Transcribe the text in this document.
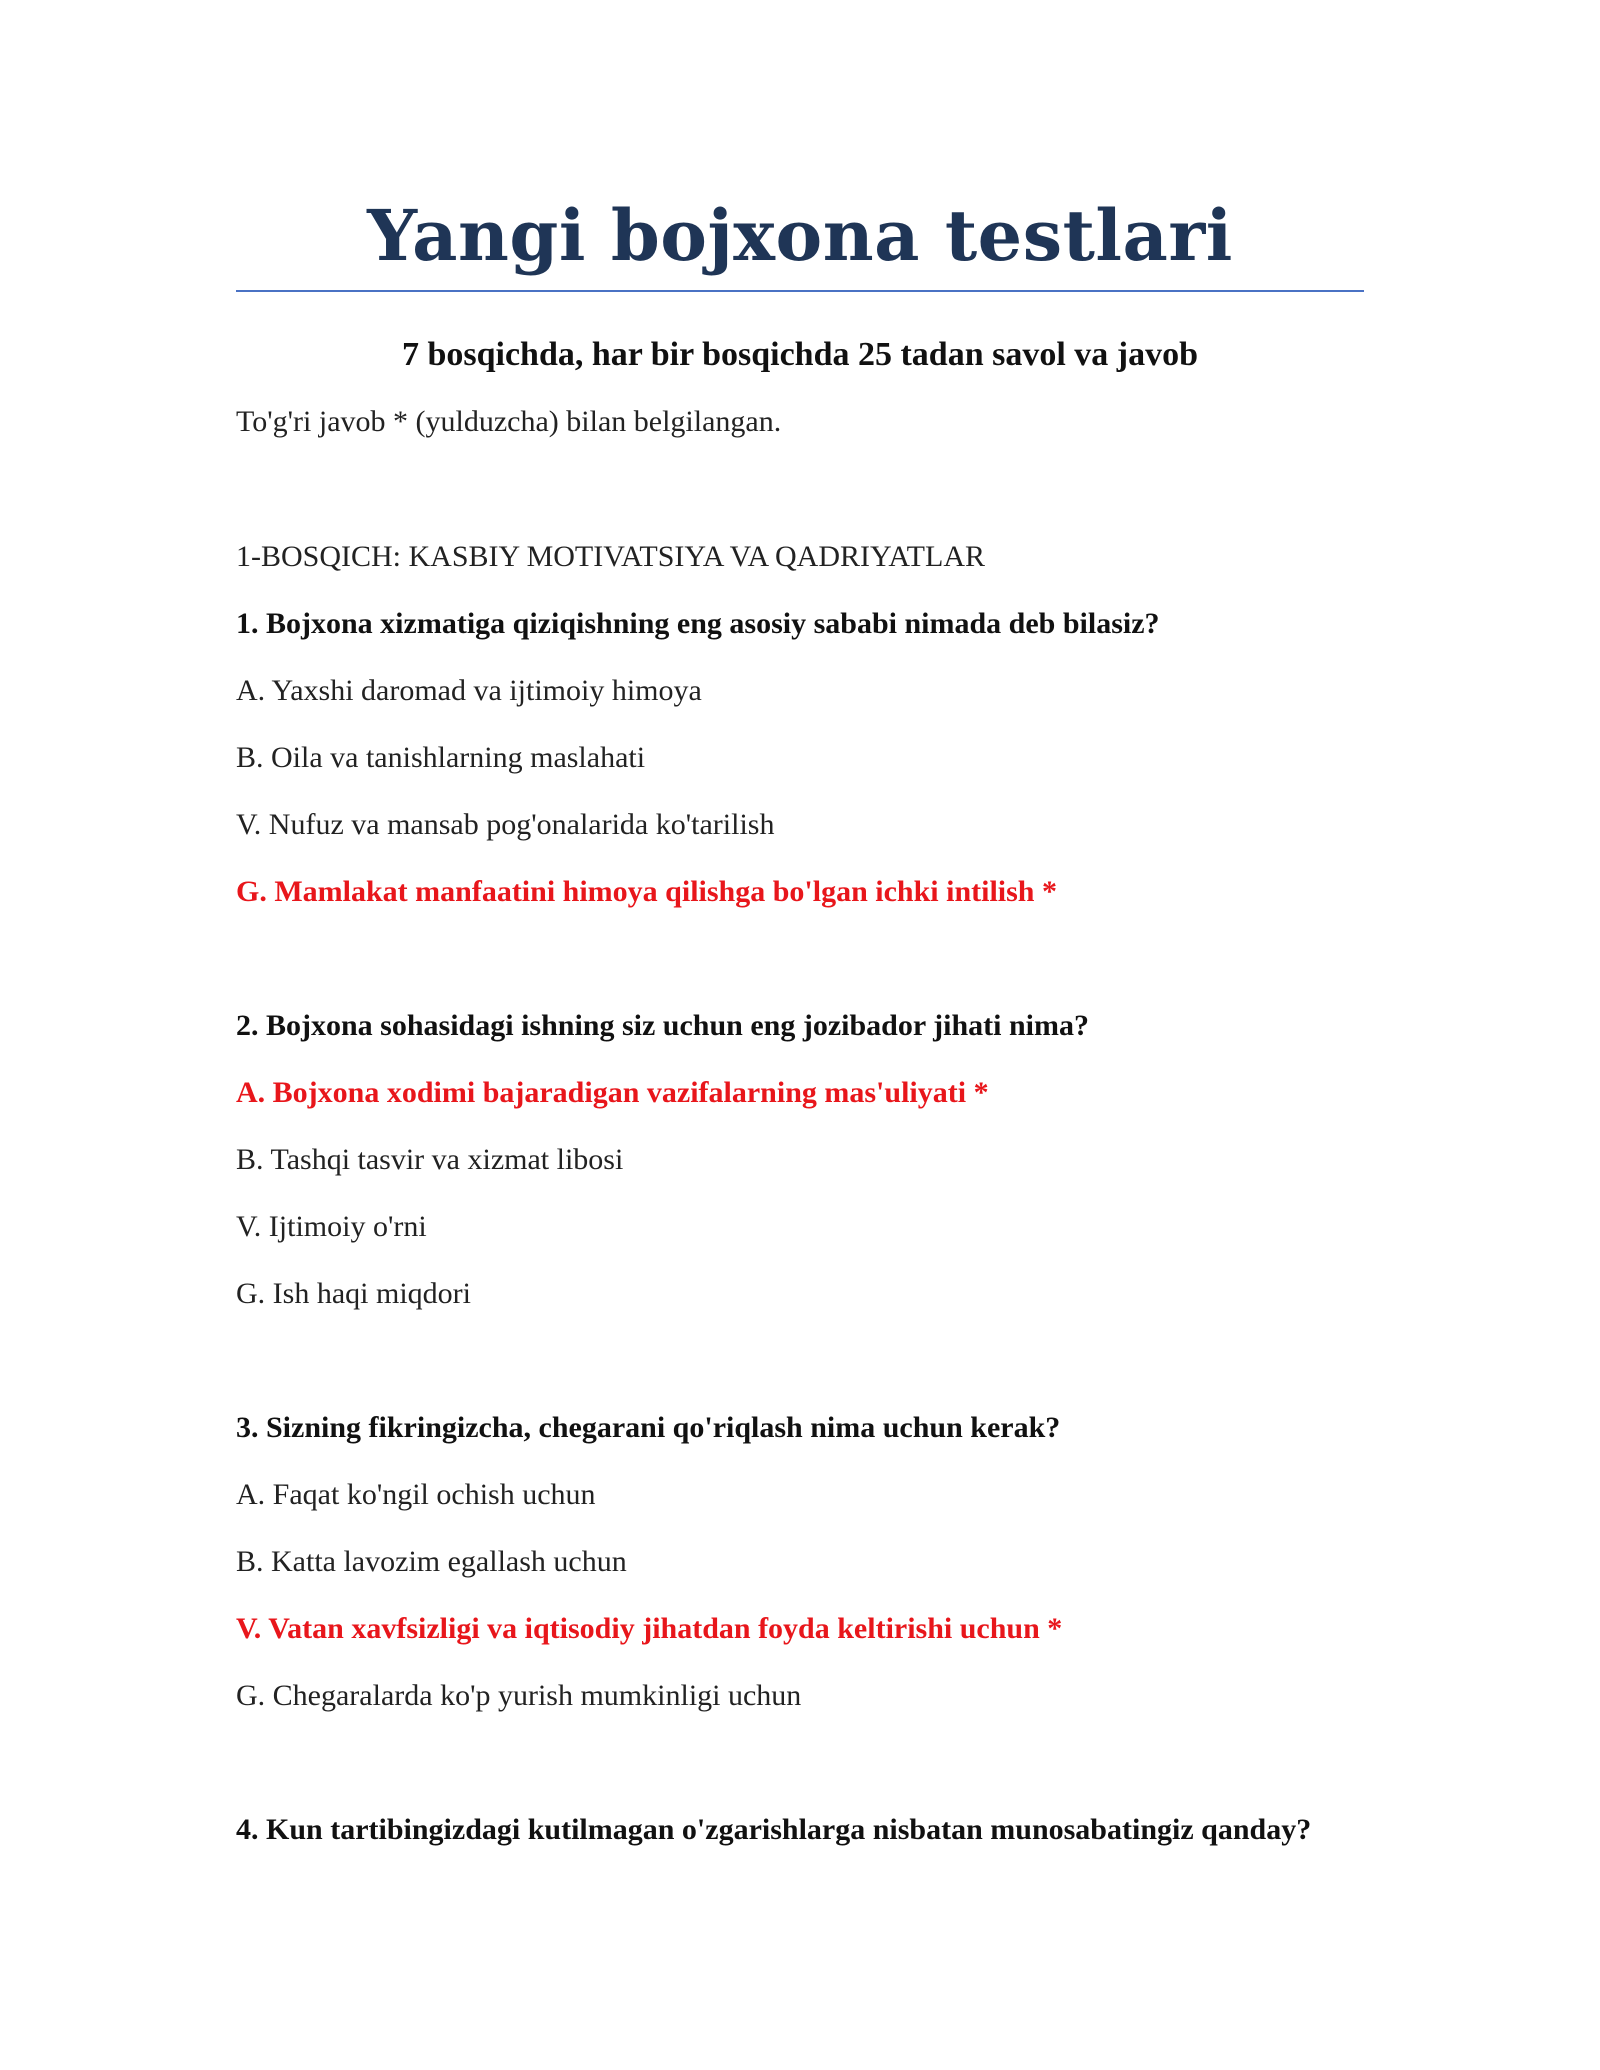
Yangi bojxona testlari
7 bosqichda, har bir bosqichda 25 tadan savol va javob
To'g'ri javob * (yulduzcha) bilan belgilangan.
1-BOSQICH: KASBIY MOTIVATSIYA VA QADRIYATLAR
1. Bojxona xizmatiga qiziqishning eng asosiy sababi nimada deb bilasiz?
A. Yaxshi daromad va ijtimoiy himoya
B. Oila va tanishlarning maslahati
V. Nufuz va mansab pog'onalarida ko'tarilish
G. Mamlakat manfaatini himoya qilishga bo'lgan ichki intilish *
2. Bojxona sohasidagi ishning siz uchun eng jozibador jihati nima?
A. Bojxona xodimi bajaradigan vazifalarning mas'uliyati *
B. Tashqi tasvir va xizmat libosi
V. Ijtimoiy o'rni
G. Ish haqi miqdori
3. Sizning fikringizcha, chegarani qo'riqlash nima uchun kerak?
A. Faqat ko'ngil ochish uchun
B. Katta lavozim egallash uchun
V. Vatan xavfsizligi va iqtisodiy jihatdan foyda keltirishi uchun *
G. Chegaralarda ko'p yurish mumkinligi uchun
4. Kun tartibingizdagi kutilmagan o'zgarishlarga nisbatan munosabatingiz qanday?
